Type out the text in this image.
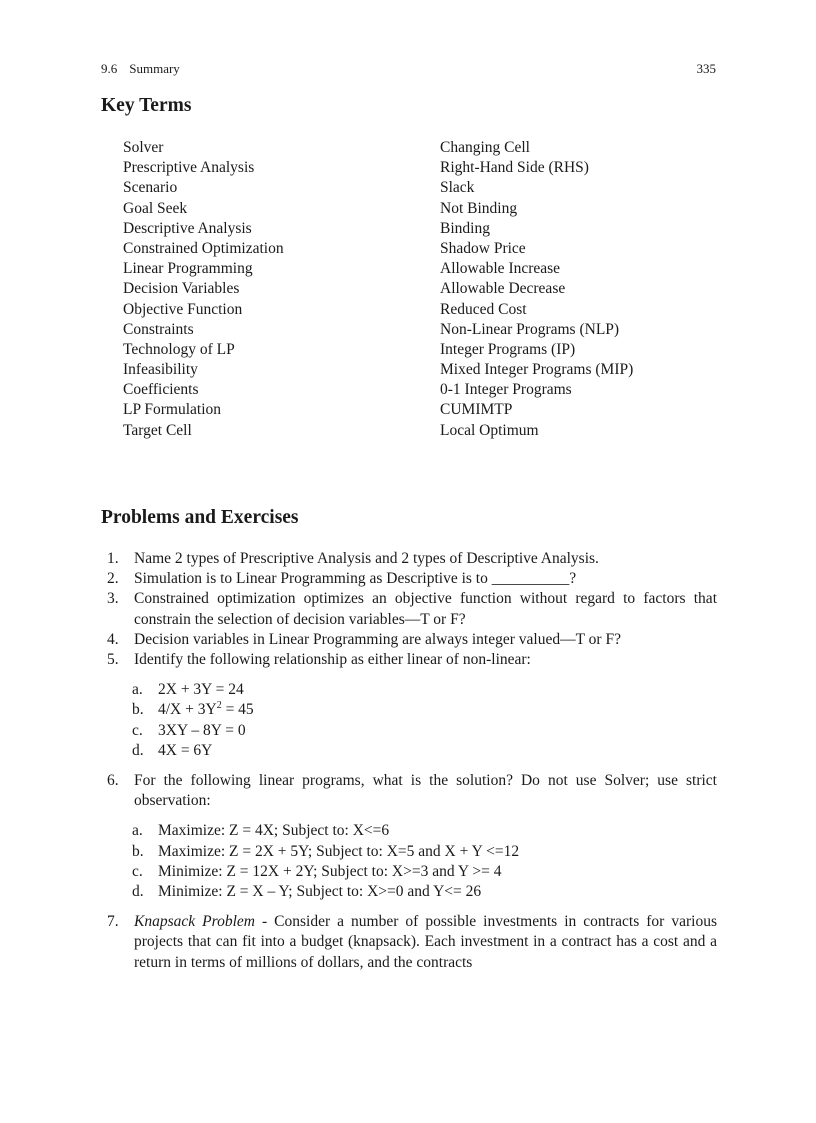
9.6 Summary	335
Key Terms
Solver
Prescriptive Analysis
Scenario
Goal Seek
Descriptive Analysis
Constrained Optimization
Linear Programming
Decision Variables
Objective Function
Constraints
Technology of LP
Infeasibility
Coefficients
LP Formulation
Target Cell
Changing Cell
Right-Hand Side (RHS)
Slack
Not Binding
Binding
Shadow Price
Allowable Increase
Allowable Decrease
Reduced Cost
Non-Linear Programs (NLP)
Integer Programs (IP)
Mixed Integer Programs (MIP)
0-1 Integer Programs
CUMIMTP
Local Optimum
Problems and Exercises
1. Name 2 types of Prescriptive Analysis and 2 types of Descriptive Analysis.
2. Simulation is to Linear Programming as Descriptive is to __________?
3. Constrained optimization optimizes an objective function without regard to factors that constrain the selection of decision variables—T or F?
4. Decision variables in Linear Programming are always integer valued—T or F?
5. Identify the following relationship as either linear of non-linear:
a. 2X + 3Y = 24
b. $4/X + 3Y^2 = 45$
c. 3XY – 8Y = 0
d. 4X = 6Y
6. For the following linear programs, what is the solution? Do not use Solver; use strict observation:
a. Maximize: Z = 4X; Subject to: X<=6
b. Maximize: Z = 2X + 5Y; Subject to: X=5 and X + Y <=12
c. Minimize: Z = 12X + 2Y; Subject to: X>=3 and Y >= 4
d. Minimize: Z = X – Y; Subject to: X>=0 and Y<= 26
7. Knapsack Problem - Consider a number of possible investments in contracts for various projects that can fit into a budget (knapsack). Each investment in a contract has a cost and a return in terms of millions of dollars, and the contracts
